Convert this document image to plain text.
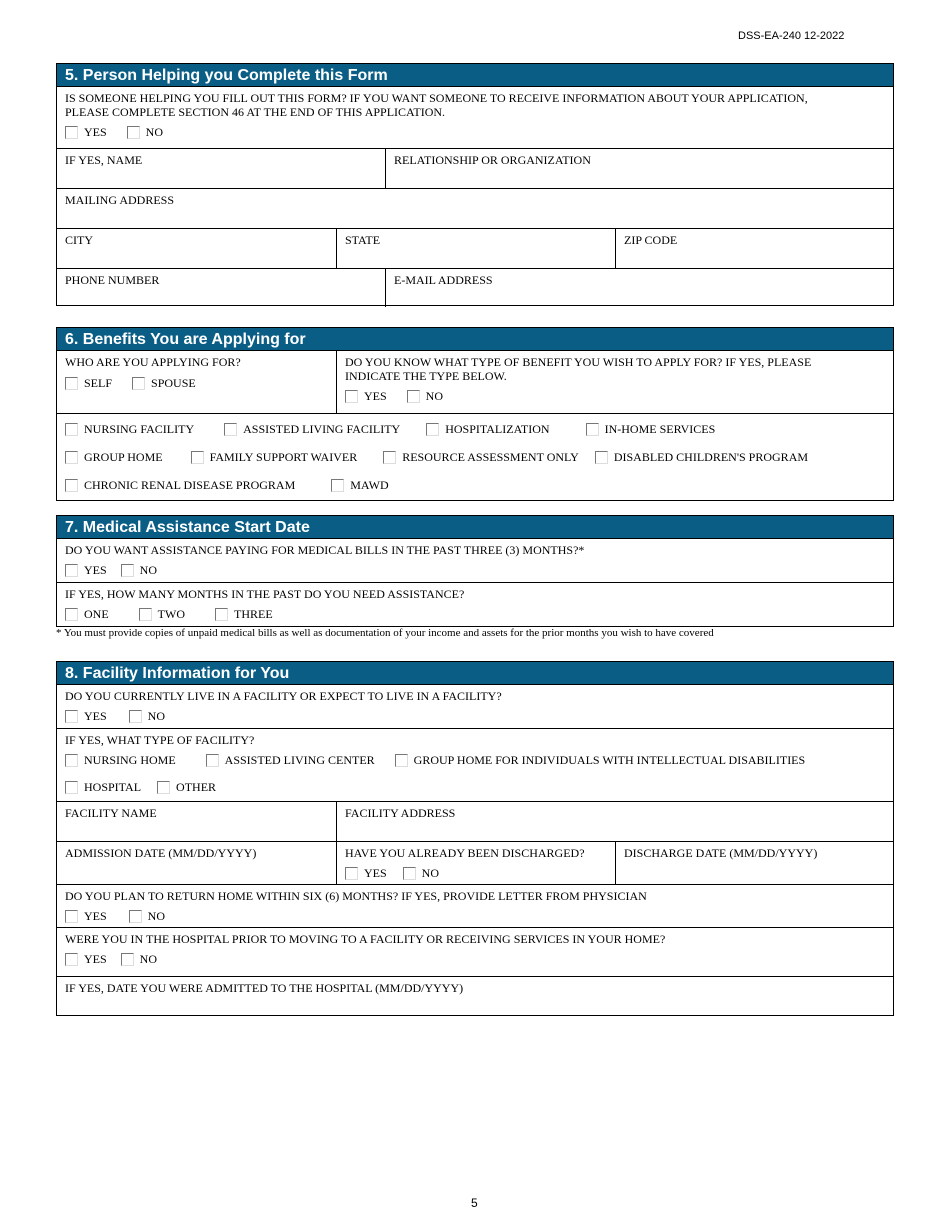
DSS-EA-240 12-2022
5. Person Helping you Complete this Form
IS SOMEONE HELPING YOU FILL OUT THIS FORM? IF YOU WANT SOMEONE TO RECEIVE INFORMATION ABOUT YOUR APPLICATION,
PLEASE COMPLETE SECTION 46 AT THE END OF THIS APPLICATION.
YES	NO
IF YES, NAME	RELATIONSHIP OR ORGANIZATION
MAILING ADDRESS
CITY	STATE	ZIP CODE
PHONE NUMBER	E-MAIL ADDRESS
6. Benefits You are Applying for
WHO ARE YOU APPLYING FOR?
SELF	SPOUSE
DO YOU KNOW WHAT TYPE OF BENEFIT YOU WISH TO APPLY FOR? IF YES, PLEASE
INDICATE THE TYPE BELOW.
YES	NO
NURSING FACILITY	ASSISTED LIVING FACILITY	HOSPITALIZATION	IN-HOME SERVICES
GROUP HOME	FAMILY SUPPORT WAIVER	RESOURCE ASSESSMENT ONLY	DISABLED CHILDREN'S PROGRAM
CHRONIC RENAL DISEASE PROGRAM	MAWD
7. Medical Assistance Start Date
DO YOU WANT ASSISTANCE PAYING FOR MEDICAL BILLS IN THE PAST THREE (3) MONTHS?*
YES	NO
IF YES, HOW MANY MONTHS IN THE PAST DO YOU NEED ASSISTANCE?
ONE	TWO	THREE
* You must provide copies of unpaid medical bills as well as documentation of your income and assets for the prior months you wish to have covered
8. Facility Information for You
DO YOU CURRENTLY LIVE IN A FACILITY OR EXPECT TO LIVE IN A FACILITY?
YES	NO
IF YES, WHAT TYPE OF FACILITY?
NURSING HOME	ASSISTED LIVING CENTER	GROUP HOME FOR INDIVIDUALS WITH INTELLECTUAL DISABILITIES
HOSPITAL	OTHER
FACILITY NAME	FACILITY ADDRESS
ADMISSION DATE (MM/DD/YYYY)	HAVE YOU ALREADY BEEN DISCHARGED?
YES	NO
DISCHARGE DATE (MM/DD/YYYY)
DO YOU PLAN TO RETURN HOME WITHIN SIX (6) MONTHS? IF YES, PROVIDE LETTER FROM PHYSICIAN
YES	NO
WERE YOU IN THE HOSPITAL PRIOR TO MOVING TO A FACILITY OR RECEIVING SERVICES IN YOUR HOME?
YES	NO
IF YES, DATE YOU WERE ADMITTED TO THE HOSPITAL (MM/DD/YYYY)
5
